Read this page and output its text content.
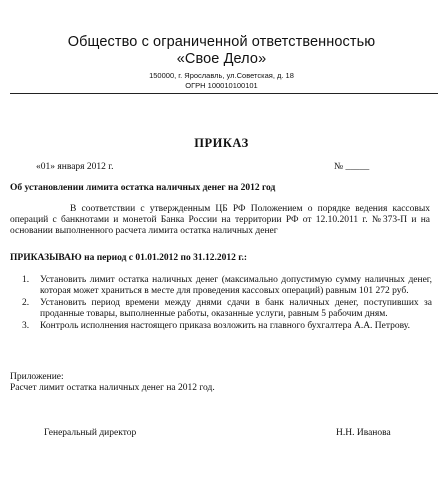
Общество с ограниченной ответственностью
«Свое Дело»
150000, г. Ярославль, ул.Советская, д. 18
ОГРН 100010100101
ПРИКАЗ
«01» января 2012 г.	№ _____
Об установлении лимита остатка наличных денег на 2012 год
В соответствии с утвержденным ЦБ РФ Положением о порядке ведения кассовых операций с банкнотами и монетой Банка России на территории РФ от 12.10.2011 г. №373-П и на основании выполненного расчета лимита остатка наличных денег
ПРИКАЗЫВАЮ на период с 01.01.2012 по 31.12.2012 г.:
1. Установить лимит остатка наличных денег (максимально допустимую сумму наличных денег, которая может храниться в месте для проведения кассовых операций) равным 101 272 руб.
2. Установить период времени между днями сдачи в банк наличных денег, поступивших за проданные товары, выполненные работы, оказанные услуги, равным 5 рабочим дням.
3. Контроль исполнения настоящего приказа возложить на главного бухгалтера А.А. Петрову.
Приложение:
Расчет лимит остатка наличных денег на 2012 год.
Генеральный директор	Н.Н. Иванова
